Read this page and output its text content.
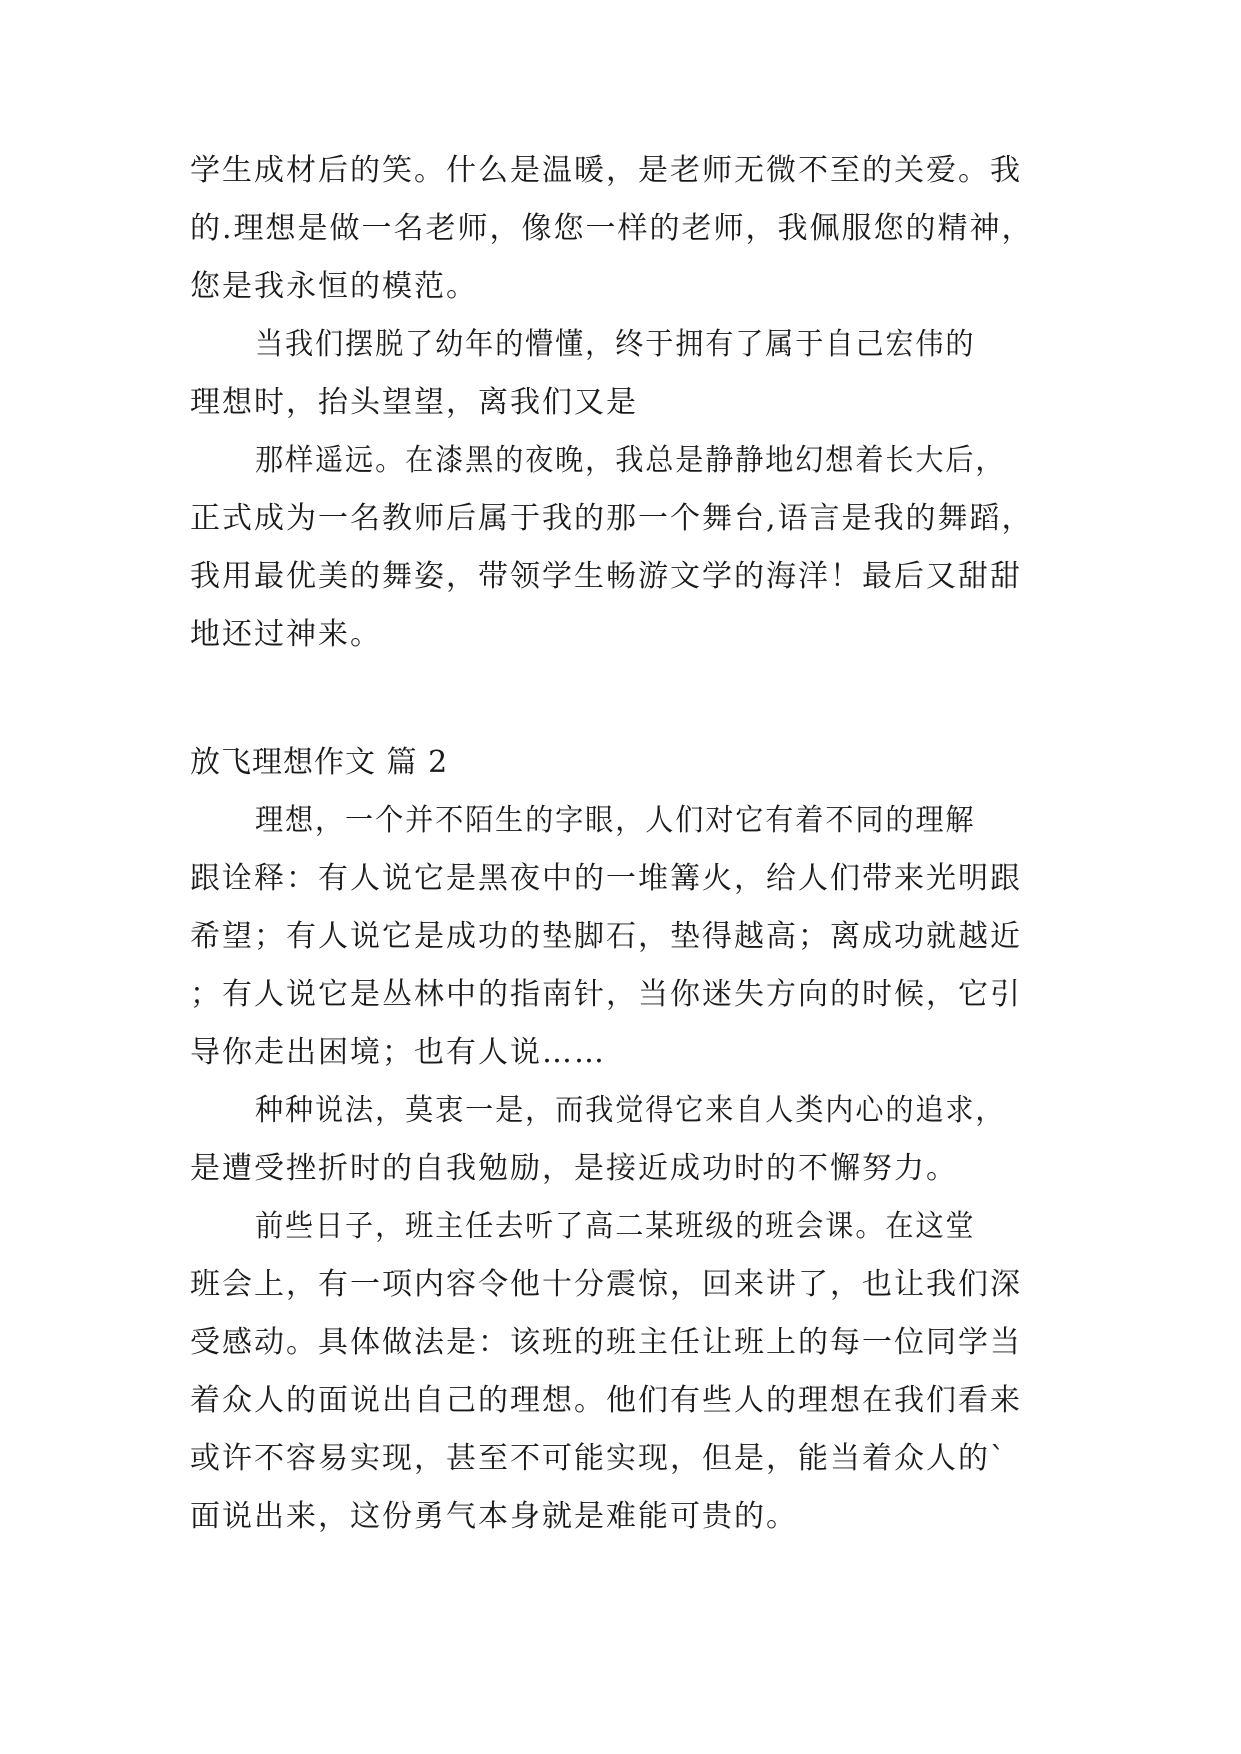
学生成材后的笑。什么是温暖，是老师无微不至的关爱。我
的.理想是做一名老师，像您一样的老师，我佩服您的精神，
您是我永恒的模范。
当我们摆脱了幼年的懵懂，终于拥有了属于自己宏伟的
理想时，抬头望望，离我们又是
那样遥远。在漆黑的夜晚，我总是静静地幻想着长大后，
正式成为一名教师后属于我的那一个舞台,语言是我的舞蹈，
我用最优美的舞姿，带领学生畅游文学的海洋！最后又甜甜
地还过神来。
放飞理想作文 篇 2
理想，一个并不陌生的字眼，人们对它有着不同的理解
跟诠释：有人说它是黑夜中的一堆篝火，给人们带来光明跟
希望；有人说它是成功的垫脚石，垫得越高；离成功就越近
；有人说它是丛林中的指南针，当你迷失方向的时候，它引
导你走出困境；也有人说……
种种说法，莫衷一是，而我觉得它来自人类内心的追求，
是遭受挫折时的自我勉励，是接近成功时的不懈努力。
前些日子，班主任去听了高二某班级的班会课。在这堂
班会上，有一项内容令他十分震惊，回来讲了，也让我们深
受感动。具体做法是：该班的班主任让班上的每一位同学当
着众人的面说出自己的理想。他们有些人的理想在我们看来
或许不容易实现，甚至不可能实现，但是，能当着众人的`
面说出来，这份勇气本身就是难能可贵的。
